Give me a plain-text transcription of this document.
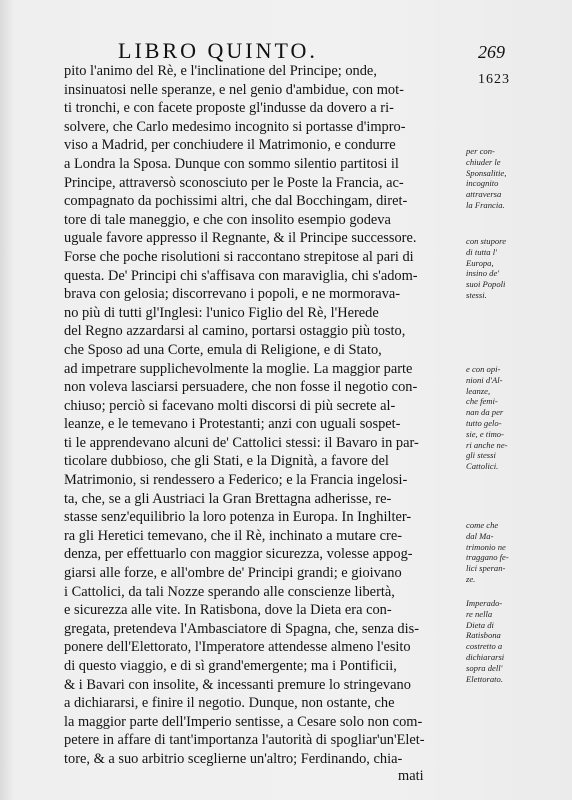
LIBRO QUINTO.	269
pito l'animo del Rè, e l'inclinatione del Principe; onde,
insinuatosi nelle speranze, e nel genio d'ambidue, con mot-
ti tronchi, e con facete proposte gl'indusse da dovero a ri-
solvere, che Carlo medesimo incognito si portasse d'impro-
viso a Madrid, per conchiudere il Matrimonio, e condurre
a Londra la Sposa. Dunque con sommo silentio partitosi il
Principe, attraversò sconosciuto per le Poste la Francia, ac-
compagnato da pochissimi altri, che dal Bocchingam, diret-
tore di tale maneggio, e che con insolito esempio godeva
uguale favore appresso il Regnante, & il Principe successore.
Forse che poche risolutioni si raccontano strepitose al pari di
questa. De' Principi chi s'affisava con maraviglia, chi s'adom-
brava con gelosia; discorrevano i popoli, e ne mormorava-
no più di tutti gl'Inglesi: l'unico Figlio del Rè, l'Herede
del Regno azzardarsi al camino, portarsi ostaggio più tosto,
che Sposo ad una Corte, emula di Religione, e di Stato,
ad impetrare supplichevolmente la moglie. La maggior parte
non voleva lasciarsi persuadere, che non fosse il negotio con-
chiuso; perciò si facevano molti discorsi di più secrete al-
leanze, e le temevano i Protestanti; anzi con uguali sospet-
ti le apprendevano alcuni de' Cattolici stessi: il Bavaro in par-
ticolare dubbioso, che gli Stati, e la Dignità, a favore del
Matrimonio, si rendessero a Federico; e la Francia ingelosi-
ta, che, se a gli Austriaci la Gran Brettagna adherisse, re-
stasse senz'equilibrio la loro potenza in Europa. In Inghilter-
ra gli Heretici temevano, che il Rè, inchinato a mutare cre-
denza, per effettuarlo con maggior sicurezza, volesse appog-
giarsi alle forze, e all'ombre de' Principi grandi; e gioivano
i Cattolici, da tali Nozze sperando alle conscienze libertà,
e sicurezza alle vite. In Ratisbona, dove la Dieta era con-
gregata, pretendeva l'Ambasciatore di Spagna, che, senza dis-
ponere dell'Elettorato, l'Imperatore attendesse almeno l'esito
di questo viaggio, e di sì grand'emergente; ma i Pontificii,
& i Bavari con insolite, & incessanti premure lo stringevano
a dichiararsi, e finire il negotio. Dunque, non ostante, che
la maggior parte dell'Imperio sentisse, a Cesare solo non com-
petere in affare di tant'importanza l'autorità di spogliar'un'Elet-
tore, & a suo arbitrio sceglierne un'altro; Ferdinando, chia-
mati
1623
per con-
chiuder le
Sponsalitie,
incognito
attraversa
la Francia.
con stupore
di tutta l'
Europa,
insino de'
suoi Popoli
stessi.
e con opi-
nioni d'Al-
leanze,
che femi-
nan da per
tutto gelo-
sie, e timo-
ri anche ne-
gli stessi
Cattolici.
come che
dal Ma-
trimonio ne
traggano fe-
lici speran-
ze.
Imperado-
re nella
Dieta di
Ratisbona
costretto a
dichiararsi
sopra dell'
Elettorato.
